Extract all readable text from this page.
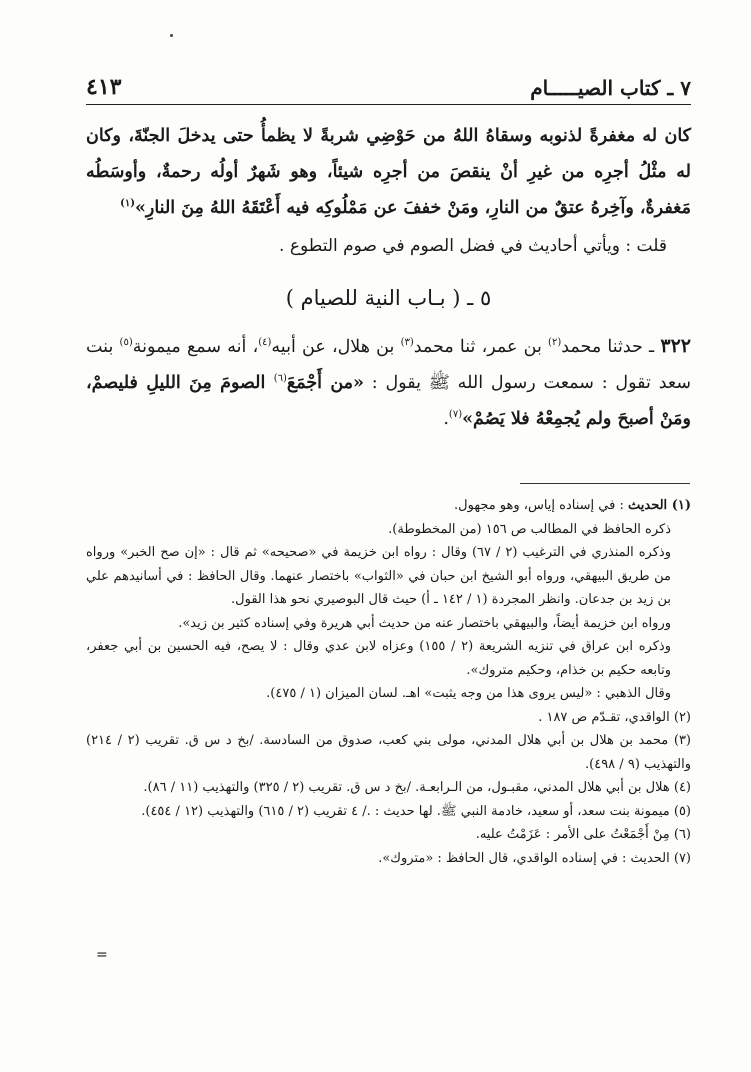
٧ ـ كتاب الصيـــــام
٤١٣

كان له مغفرةً لذنوبه وسقاهُ اللهُ من حَوْضِي شربةً لا يظمأُ حتى يدخلَ الجنّةَ، وكان له مثْلُ أجرِه من غيرِ أنْ ينقصَ من أجرِه شيئاً، وهو شَهرٌ أولُه رحمةٌ، وأوسَطُه مَغفرةٌ، وآخِرهُ عتقٌ من النارِ، ومَنْ خففَ عن مَمْلُوكِه فيه أَعْتَقَهُ اللهُ مِنَ النارِ»$^{(١)}$

قلت : ويأتي أحاديث في فضل الصوم في صوم التطوع .

٥ ـ ( بـاب النية للصيام )

٣٢٢ ـ حدثنا محمد$^{(٢)}$ بن عمر، ثنا محمد$^{(٣)}$ بن هلال، عن أبيه$^{(٤)}$، أنه سمع ميمونة$^{(٥)}$ بنت سعد تقول : سمعت رسول الله ﷺ يقول : «من أَجْمَعَ$^{(٦)}$ الصومَ مِنَ الليلِ فليصمْ، ومَنْ أصبحَ ولم يُجمِعْهُ فلا يَصُمْ»$^{(٧)}$.

(١) الحديث : في إسناده إياس، وهو مجهول.

ذكره الحافظ في المطالب ص ١٥٦ (من المخطوطة).

وذكره المنذري في الترغيب (٢ / ٦٧) وقال : رواه ابن خزيمة في «صحيحه» ثم قال : «إن صح الخبر» ورواه من طريق البيهقي، ورواه أبو الشيخ ابن حبان في «الثواب» باختصار عنهما. وقال الحافظ : في أسانيدهم علي بن زيد بن جدعان. وانظر المجردة (١ / ١٤٢ ـ أ) حيث قال البوصيري نحو هذا القول.

ورواه ابن خزيمة أيضاً، والبيهقي باختصار عنه من حديث أبي هريرة وفي إسناده كثير بن زيد».

وذكره ابن عراق في تنزيه الشريعة (٢ / ١٥٥) وعزاه لابن عدي وقال : لا يصح، فيه الحسين بن أبي جعفر، وتابعه حكيم بن خذام، وحكيم متروك».

وقال الذهبي : «ليس يروى هذا من وجه يثبت» اهـ. لسان الميزان (١ / ٤٧٥).

(٢) الواقدي، تقـدّم ص ١٨٧ .

(٣) محمد بن هلال بن أبي هلال المدني، مولى بني كعب، صدوق من السادسة. /بخ د س ق. تقريب (٢ / ٢١٤) والتهذيب (٩ / ٤٩٨).

(٤) هلال بن أبي هلال المدني، مقبـول، من الـرابعـة. /بخ د س ق. تقريب (٢ / ٣٢٥) والتهذيب (١١ / ٨٦).

(٥) ميمونة بنت سعد، أو سعيد، خادمة النبي ﷺ. لها حديث : ./ ٤ تقريب (٢ / ٦١٥) والتهذيب (١٢ / ٤٥٤).

(٦) مِنْ أَجْمَعْتُ على الأمر : عَزَمْتُ عليه.

(٧) الحديث : في إسناده الواقدي، قال الحافظ : «متروك».

=
